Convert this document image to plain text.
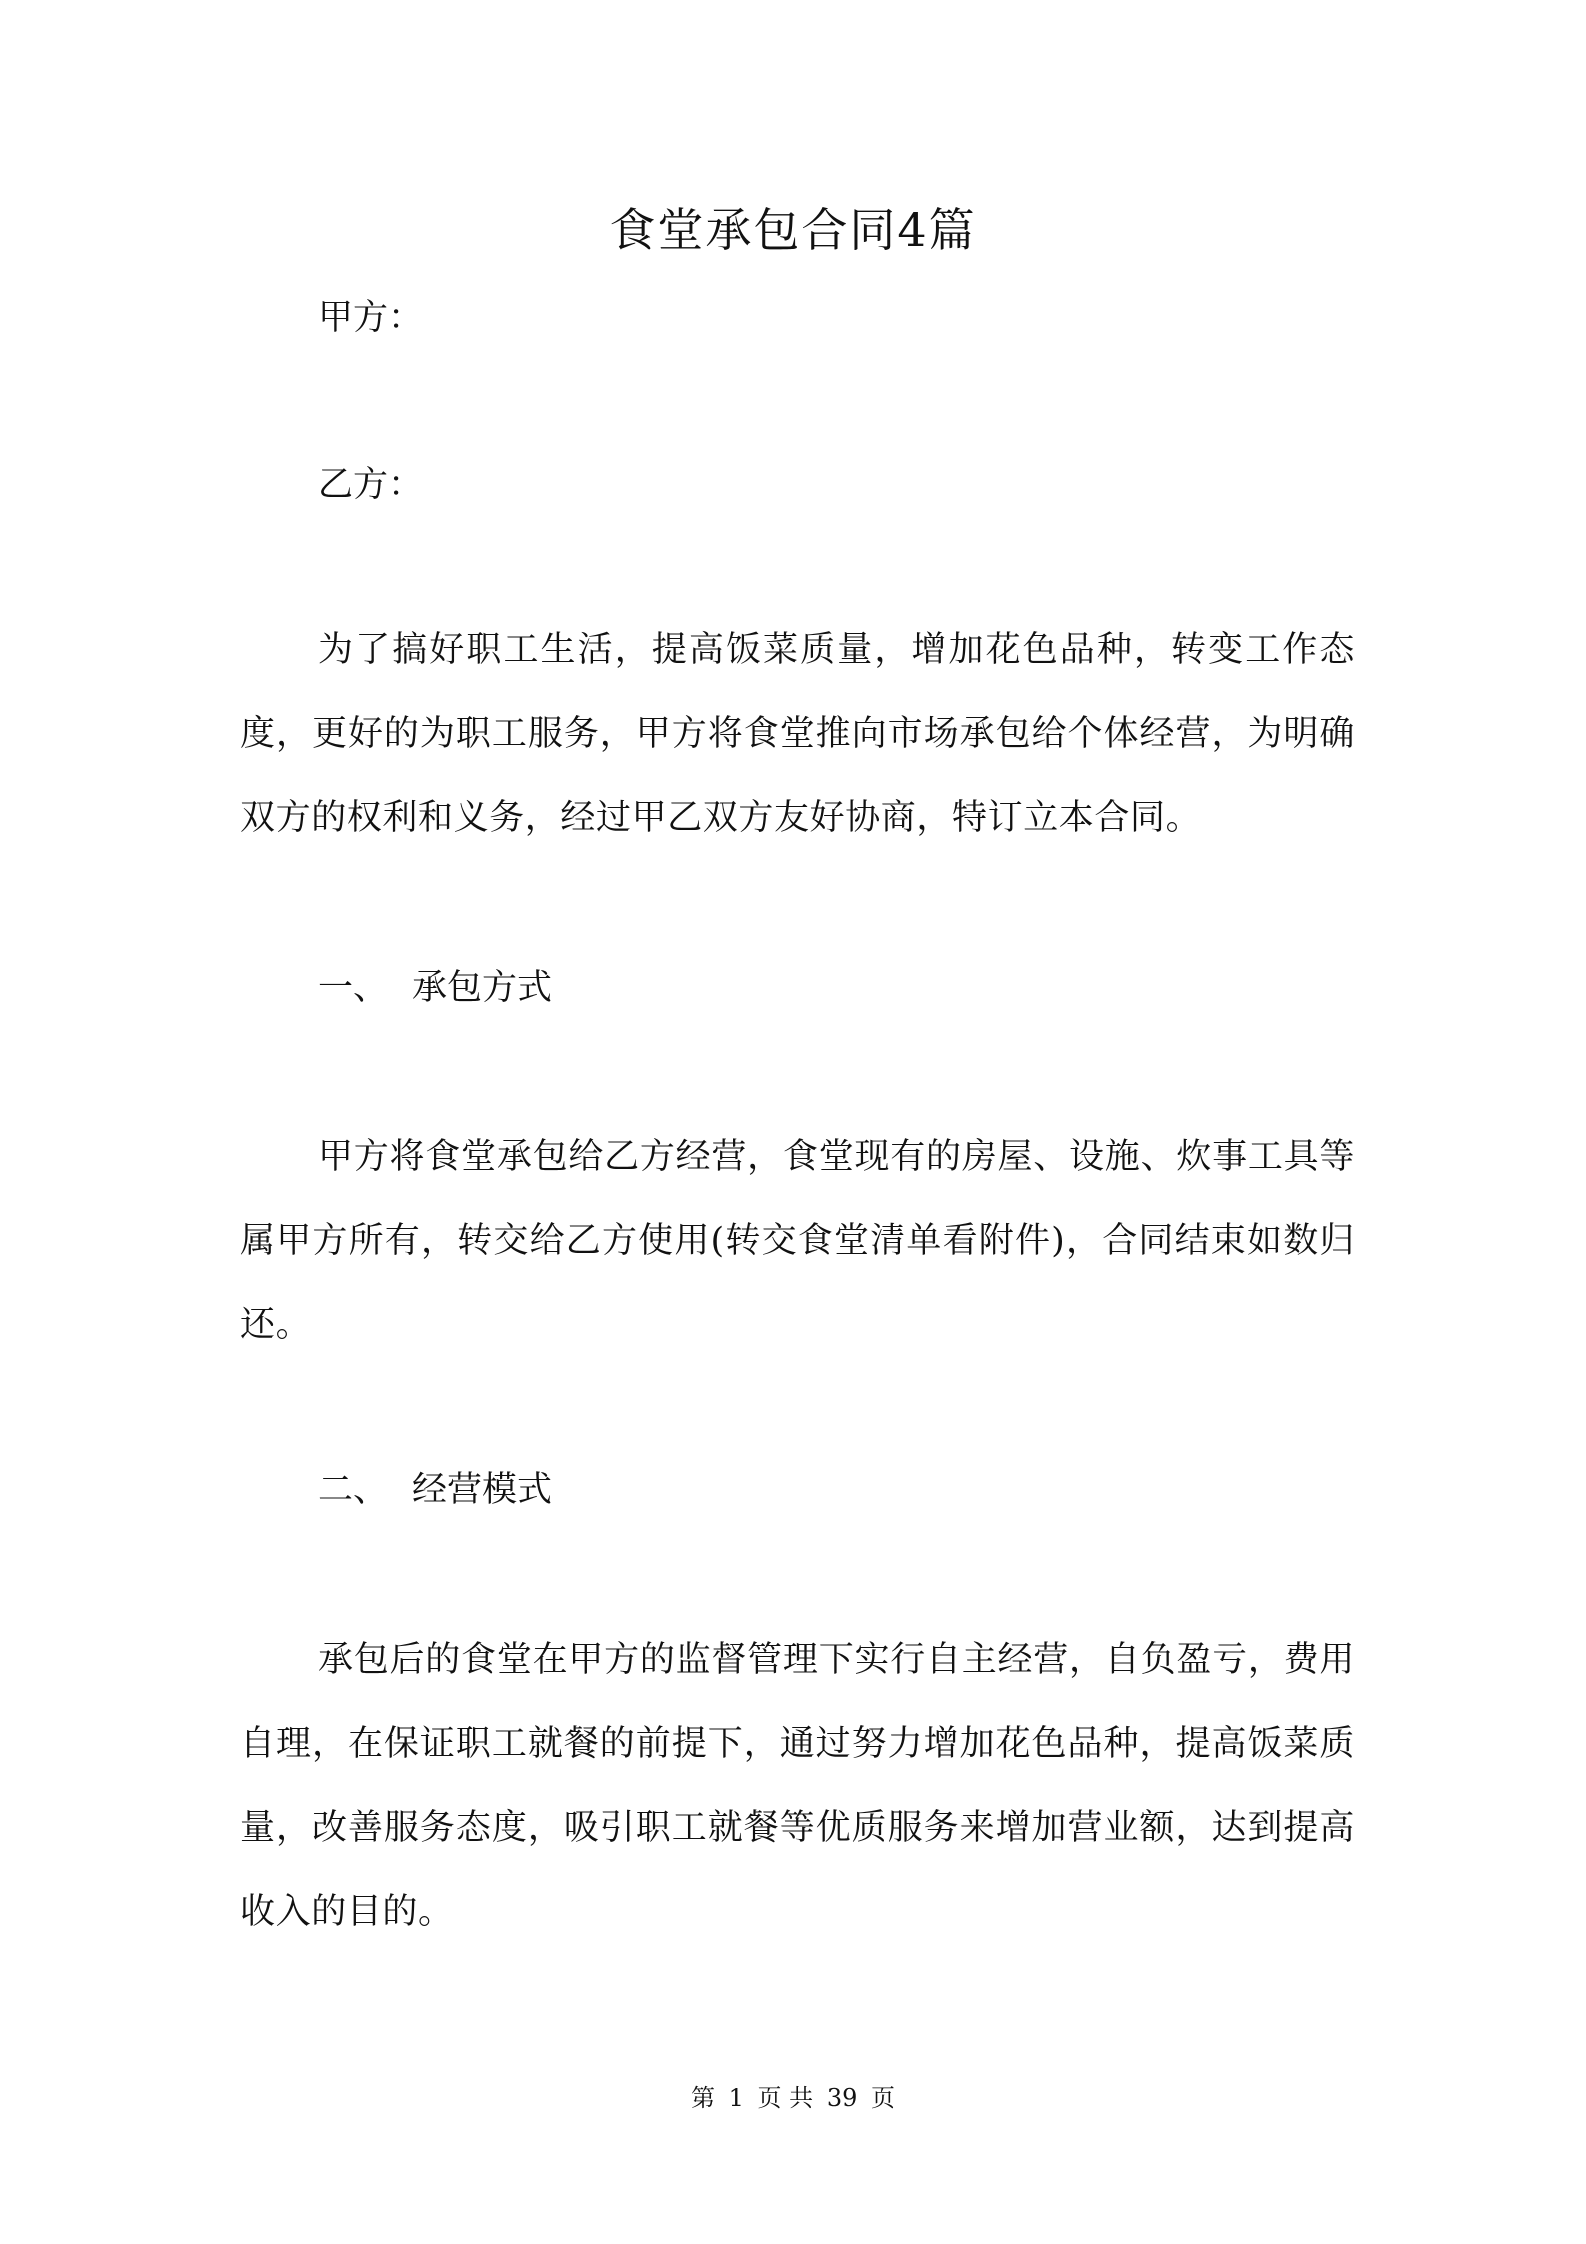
食堂承包合同4篇

甲方：

乙方：

为了搞好职工生活，提高饭菜质量，增加花色品种，转变工作态度，更好的为职工服务，甲方将食堂推向市场承包给个体经营，为明确双方的权利和义务，经过甲乙双方友好协商，特订立本合同。

一、 承包方式

甲方将食堂承包给乙方经营，食堂现有的房屋、设施、炊事工具等属甲方所有，转交给乙方使用(转交食堂清单看附件)，合同结束如数归还。

二、 经营模式

承包后的食堂在甲方的监督管理下实行自主经营，自负盈亏，费用自理，在保证职工就餐的前提下，通过努力增加花色品种，提高饭菜质量，改善服务态度，吸引职工就餐等优质服务来增加营业额，达到提高收入的目的。

第 1 页 共 39 页
